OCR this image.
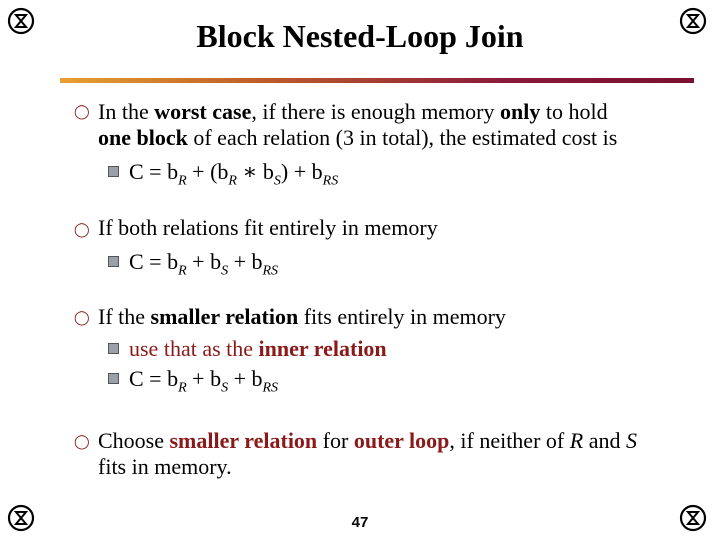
Block Nested-Loop Join
◯ In the worst case, if there is enough memory only to hold
one block of each relation (3 in total), the estimated cost is
$C = b_R + (b_R$ ∗ $b_S) + b_{RS}$
◯ If both relations fit entirely in memory
$C = b_R + b_S + b_{RS}$
◯ If the smaller relation fits entirely in memory
use that as the inner relation
$C = b_R + b_S + b_{RS}$
◯ Choose smaller relation for outer loop, if neither of R and S
fits in memory.
47
